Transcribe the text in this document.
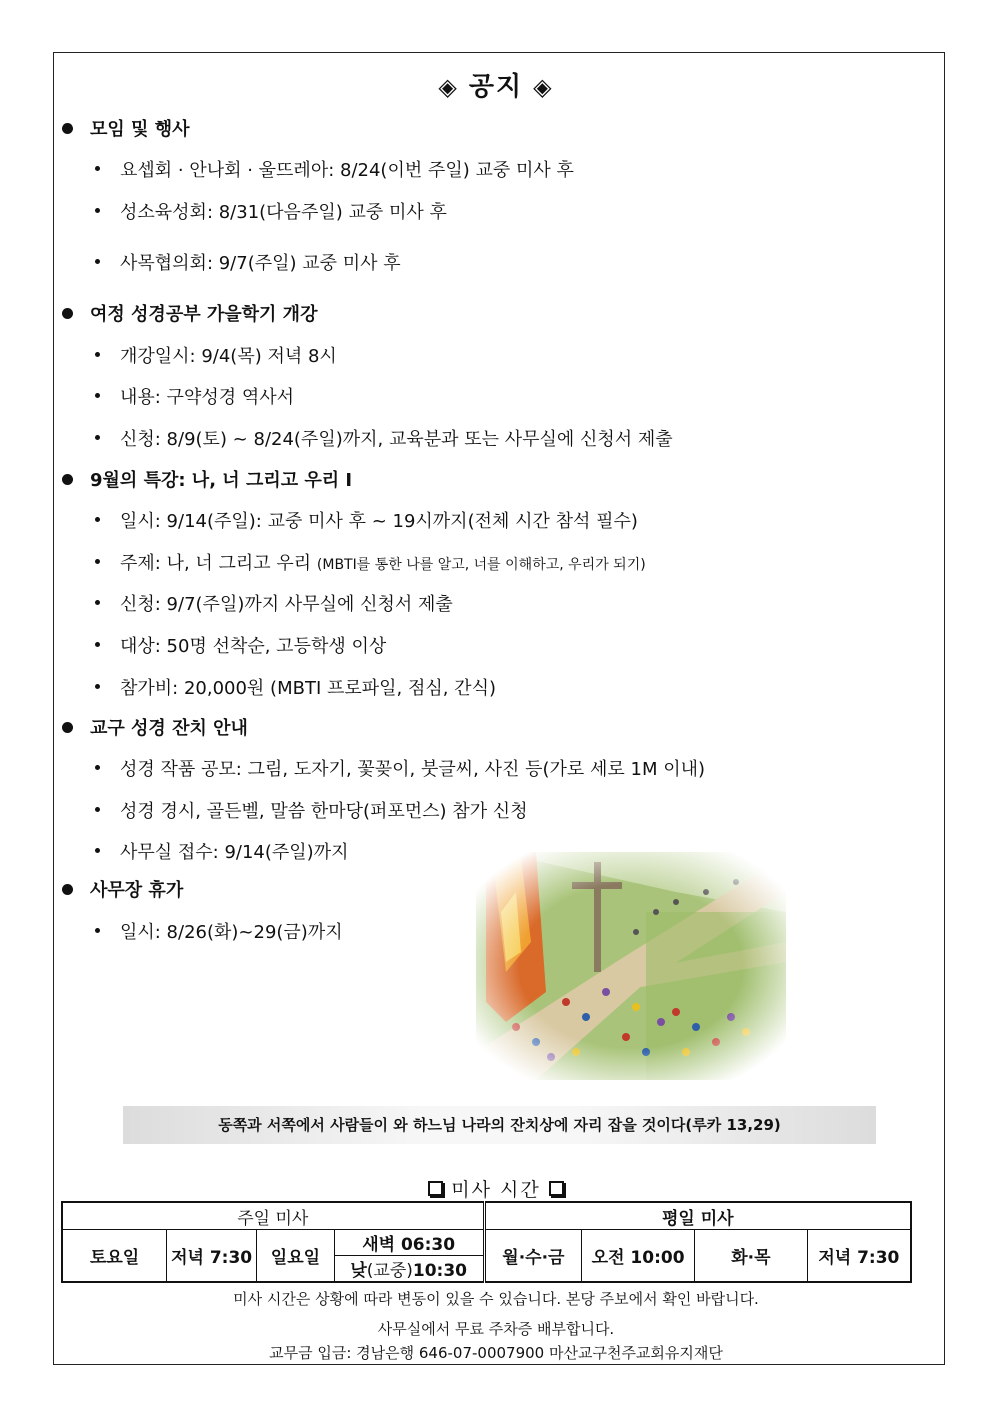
◈ 공지 ◈
모임 및 행사
요셉회 · 안나회 · 울뜨레아: 8/24(이번 주일) 교중 미사 후
성소육성회: 8/31(다음주일) 교중 미사 후
사목협의회: 9/7(주일) 교중 미사 후
여정 성경공부 가을학기 개강
개강일시: 9/4(목) 저녁 8시
내용: 구약성경 역사서
신청: 8/9(토) ~ 8/24(주일)까지, 교육분과 또는 사무실에 신청서 제출
9월의 특강: 나, 너 그리고 우리 Ⅰ
일시: 9/14(주일): 교중 미사 후 ~ 19시까지(전체 시간 참석 필수)
주제: 나, 너 그리고 우리 (MBTI를 통한 나를 알고, 너를 이해하고, 우리가 되기)
신청: 9/7(주일)까지 사무실에 신청서 제출
대상: 50명 선착순, 고등학생 이상
참가비: 20,000원 (MBTI 프로파일, 점심, 간식)
교구 성경 잔치 안내
성경 작품 공모: 그림, 도자기, 꽃꽂이, 붓글씨, 사진 등(가로 세로 1M 이내)
성경 경시, 골든벨, 말씀 한마당(퍼포먼스) 참가 신청
사무실 접수: 9/14(주일)까지
사무장 휴가
일시: 8/26(화)~29(금)까지
동쪽과 서쪽에서 사람들이 와 하느님 나라의 잔치상에 자리 잡을 것이다(루카 13,29)
미사 시간
주일 미사				평일 미사			
토요일	저녁 7:30	일요일	새벽 06:30	월·수·금	오전 10:00	화·목	저녁 7:30
			낮(교중)10:30				
미사 시간은 상황에 따라 변동이 있을 수 있습니다. 본당 주보에서 확인 바랍니다.
사무실에서 무료 주차증 배부합니다.
교무금 입금: 경남은행 646-07-0007900 마산교구천주교회유지재단
